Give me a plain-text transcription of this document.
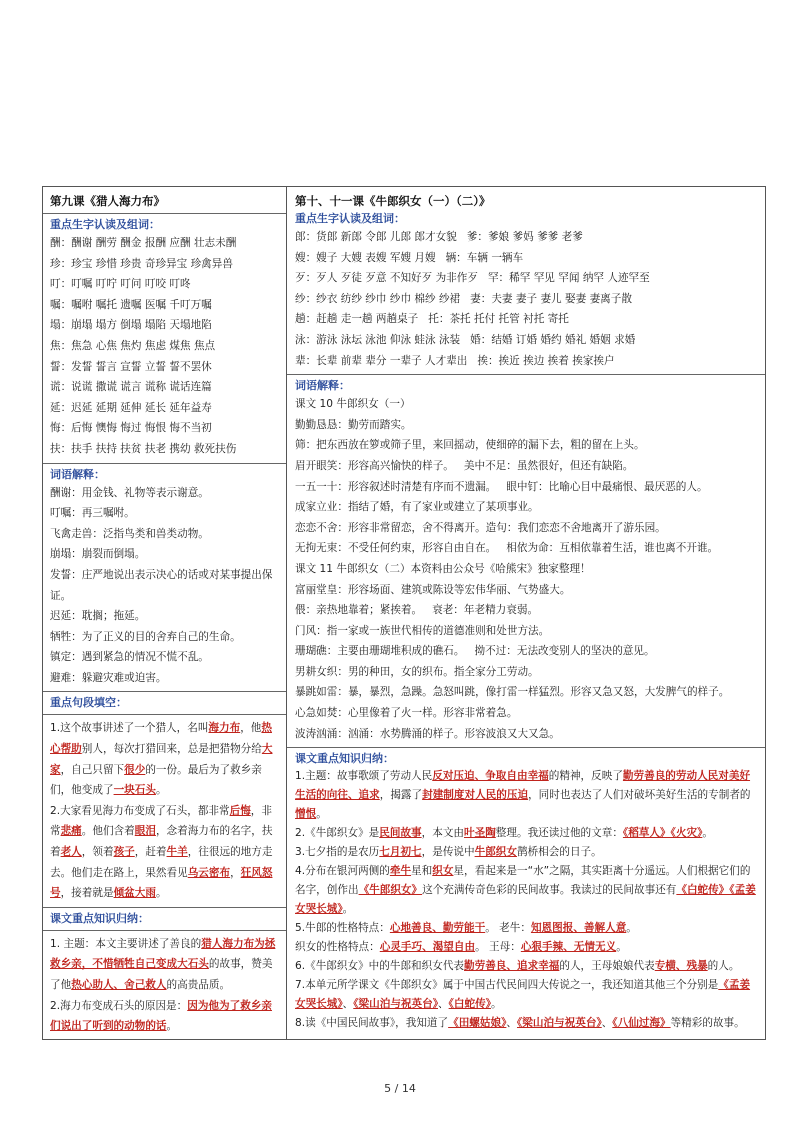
第九课《猎人海力布》
重点生字认读及组词：
酬：酬谢 酬劳 酬金 报酬 应酬 壮志未酬
珍：珍宝 珍惜 珍贵 奇珍异宝 珍禽异兽
叮：叮嘱 叮咛 叮问 叮咬 叮咚
嘱：嘱咐 嘱托 遗嘱 医嘱 千叮万嘱
塌：崩塌 塌方 倒塌 塌陷 天塌地陷
焦：焦急 心焦 焦灼 焦虑 煤焦 焦点
誓：发誓 誓言 宣誓 立誓 誓不罢休
谎：说谎 撒谎 谎言 谎称 谎话连篇
延：迟延 延期 延伸 延长 延年益寿
悔：后悔 懊悔 悔过 悔恨 悔不当初
扶：扶手 扶持 扶贫 扶老 携幼 救死扶伤
词语解释：
酬谢：用金钱、礼物等表示谢意。
叮嘱：再三嘱咐。
飞禽走兽：泛指鸟类和兽类动物。
崩塌：崩裂而倒塌。
发誓：庄严地说出表示决心的话或对某事提出保证。
迟延：耽搁；拖延。
牺牲：为了正义的目的舍弃自己的生命。
镇定：遇到紧急的情况不慌不乱。
避难：躲避灾难或迫害。
重点句段填空：
1.这个故事讲述了一个猎人，名叫海力布，他热心帮助别人，每次打猎回来，总是把猎物分给大家，自己只留下很少的一份。最后为了救乡亲们，他变成了一块石头。
2.大家看见海力布变成了石头，都非常后悔，非常悲痛。他们含着眼泪，念着海力布的名字，扶着老人，领着孩子，赶着牛羊，往很远的地方走去。他们走在路上，果然看见乌云密布，狂风怒号，接着就是倾盆大雨。
课文重点知识归纳：
1. 主题：本文主要讲述了善良的猎人海力布为拯救乡亲，不惜牺牲自己变成大石头的故事，赞美了他热心助人、舍己救人的高贵品质。
2.海力布变成石头的原因是：因为他为了救乡亲们说出了听到的动物的话。
第十、十一课《牛郎织女（一）（二）》
重点生字认读及组词：
郎：货郎 新郎 令郎 儿郎 郎才女貌 爹：爹娘 爹妈 爹爹 老爹
嫂：嫂子 大嫂 表嫂 军嫂 月嫂 辆：车辆 一辆车
歹：歹人 歹徒 歹意 不知好歹 为非作歹 罕：稀罕 罕见 罕闻 纳罕 人迹罕至
纱：纱衣 纺纱 纱巾 纱巾 棉纱 纱裙 妻：夫妻 妻子 妻儿 娶妻 妻离子散
趟：赶趟 走一趟 两趟桌子 托：茶托 托付 托管 衬托 寄托
泳：游泳 泳坛 泳池 仰泳 蛙泳 泳装 婚：结婚 订婚 婚约 婚礼 婚姻 求婚
辈：长辈 前辈 辈分 一辈子 人才辈出 挨：挨近 挨边 挨着 挨家挨户
词语解释：
课文 10 牛郎织女（一）
勤勤恳恳：勤劳而踏实。
筛：把东西放在箩或筛子里，来回摇动，使细碎的漏下去，粗的留在上头。
眉开眼笑：形容高兴愉快的样子。 美中不足：虽然很好，但还有缺陷。
一五一十：形容叙述时清楚有序而不遗漏。 眼中钉：比喻心目中最痛恨、最厌恶的人。
成家立业：指结了婚，有了家业或建立了某项事业。
恋恋不舍：形容非常留恋，舍不得离开。造句：我们恋恋不舍地离开了游乐园。
无拘无束：不受任何约束，形容自由自在。 相依为命：互相依靠着生活，谁也离不开谁。
课文 11 牛郎织女（二）本资料由公众号《哈熊宋》独家整理！
富丽堂皇：形容场面、建筑或陈设等宏伟华丽、气势盛大。
偎：亲热地靠着；紧挨着。 衰老：年老精力衰弱。
门风：指一家或一族世代相传的道德准则和处世方法。
珊瑚礁：主要由珊瑚堆积成的礁石。 拗不过：无法改变别人的坚决的意见。
男耕女织：男的种田，女的织布。指全家分工劳动。
暴跳如雷：暴，暴烈，急躁。急怒叫跳，像打雷一样猛烈。形容又急又怒，大发脾气的样子。
心急如焚：心里像着了火一样。形容非常着急。
波涛汹涌：汹涌：水势腾涌的样子。形容波浪又大又急。
课文重点知识归纳：
1.主题：故事歌颂了劳动人民反对压迫、争取自由幸福的精神，反映了勤劳善良的劳动人民对美好生活的向往、追求，揭露了封建制度对人民的压迫，同时也表达了人们对破坏美好生活的专制者的憎恨。
2.《牛郎织女》是民间故事，本文由叶圣陶整理。我还读过他的文章：《稻草人》《火灾》。
3.七夕指的是农历七月初七，是传说中牛郎织女鹊桥相会的日子。
4.分布在银河两侧的牵牛星和织女星，看起来是一“水”之隔，其实距离十分遥远。人们根据它们的名字，创作出《牛郎织女》这个充满传奇色彩的民间故事。我读过的民间故事还有《白蛇传》《孟姜女哭长城》。
5.牛郎的性格特点：心地善良、勤劳能干。 老牛：知恩图报、善解人意。
织女的性格特点：心灵手巧、渴望自由。 王母：心狠手辣、无情无义。
6.《牛郎织女》中的牛郎和织女代表勤劳善良、追求幸福的人，王母娘娘代表专横、残暴的人。
7.本单元所学课文《牛郎织女》属于中国古代民间四大传说之一，我还知道其他三个分别是《孟姜女哭长城》、《梁山泊与祝英台》、《白蛇传》。
8.读《中国民间故事》，我知道了《田螺姑娘》、《梁山泊与祝英台》、《八仙过海》等精彩的故事。
5 / 14
